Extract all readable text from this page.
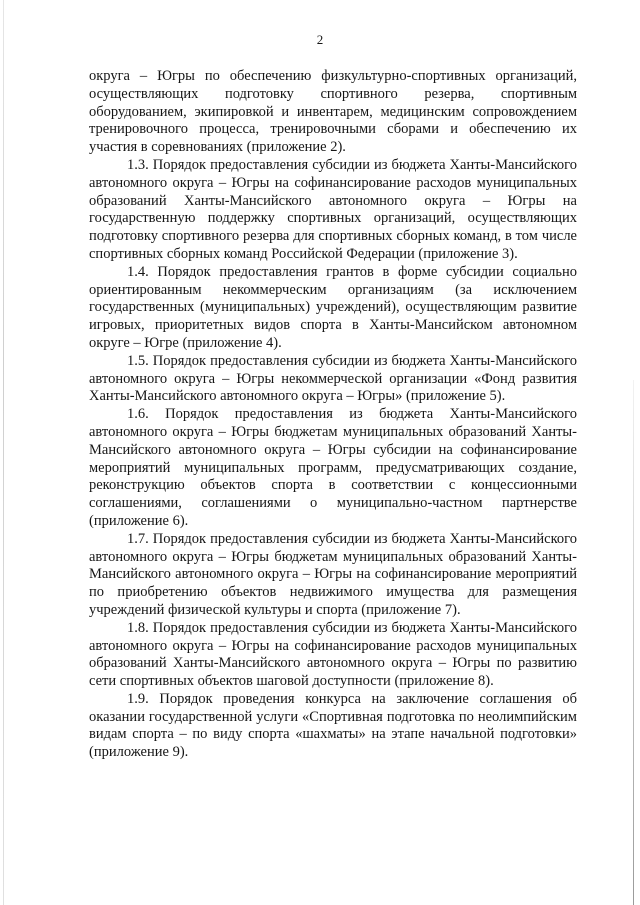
2

округа – Югры по обеспечению физкультурно-спортивных организаций, осуществляющих подготовку спортивного резерва, спортивным оборудованием, экипировкой и инвентарем, медицинским сопровождением тренировочного процесса, тренировочными сборами и обеспечению их участия в соревнованиях (приложение 2).

1.3. Порядок предоставления субсидии из бюджета Ханты-Мансийского автономного округа – Югры на софинансирование расходов муниципальных образований Ханты-Мансийского автономного округа – Югры на государственную поддержку спортивных организаций, осуществляющих подготовку спортивного резерва для спортивных сборных команд, в том числе спортивных сборных команд Российской Федерации (приложение 3).

1.4. Порядок предоставления грантов в форме субсидии социально ориентированным некоммерческим организациям (за исключением государственных (муниципальных) учреждений), осуществляющим развитие игровых, приоритетных видов спорта в Ханты-Мансийском автономном округе – Югре (приложение 4).

1.5. Порядок предоставления субсидии из бюджета Ханты-Мансийского автономного округа – Югры некоммерческой организации «Фонд развития Ханты-Мансийского автономного округа – Югры» (приложение 5).

1.6. Порядок предоставления из бюджета Ханты-Мансийского автономного округа – Югры бюджетам муниципальных образований Ханты-Мансийского автономного округа – Югры субсидии на софинансирование мероприятий муниципальных программ, предусматривающих создание, реконструкцию объектов спорта в соответствии с концессионными соглашениями, соглашениями о муниципально-частном партнерстве (приложение 6).

1.7. Порядок предоставления субсидии из бюджета Ханты-Мансийского автономного округа – Югры бюджетам муниципальных образований Ханты-Мансийского автономного округа – Югры на софинансирование мероприятий по приобретению объектов недвижимого имущества для размещения учреждений физической культуры и спорта (приложение 7).

1.8. Порядок предоставления субсидии из бюджета Ханты-Мансийского автономного округа – Югры на софинансирование расходов муниципальных образований Ханты-Мансийского автономного округа – Югры по развитию сети спортивных объектов шаговой доступности (приложение 8).

1.9. Порядок проведения конкурса на заключение соглашения об оказании государственной услуги «Спортивная подготовка по неолимпийским видам спорта – по виду спорта «шахматы» на этапе начальной подготовки» (приложение 9).
